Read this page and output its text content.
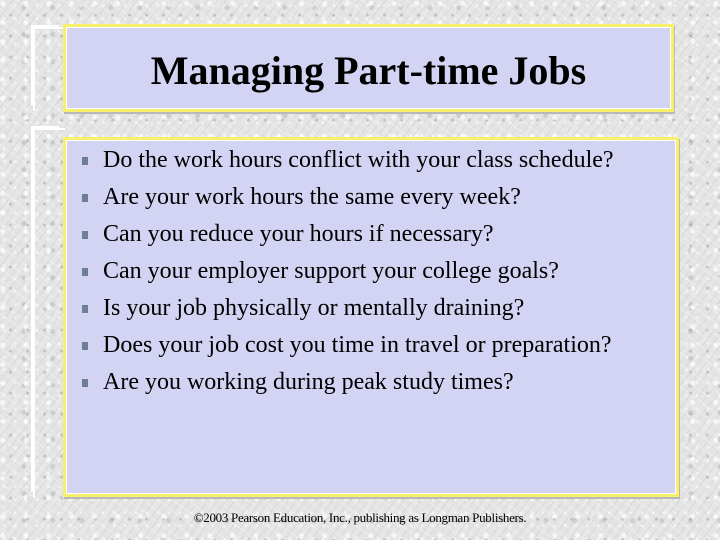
Managing Part-time Jobs
Do the work hours conflict with your class schedule?
Are your work hours the same every week?
Can you reduce your hours if necessary?
Can your employer support your college goals?
Is your job physically or mentally draining?
Does your job cost you time in travel or preparation?
Are you working during peak study times?
©2003 Pearson Education, Inc., publishing as Longman Publishers.
